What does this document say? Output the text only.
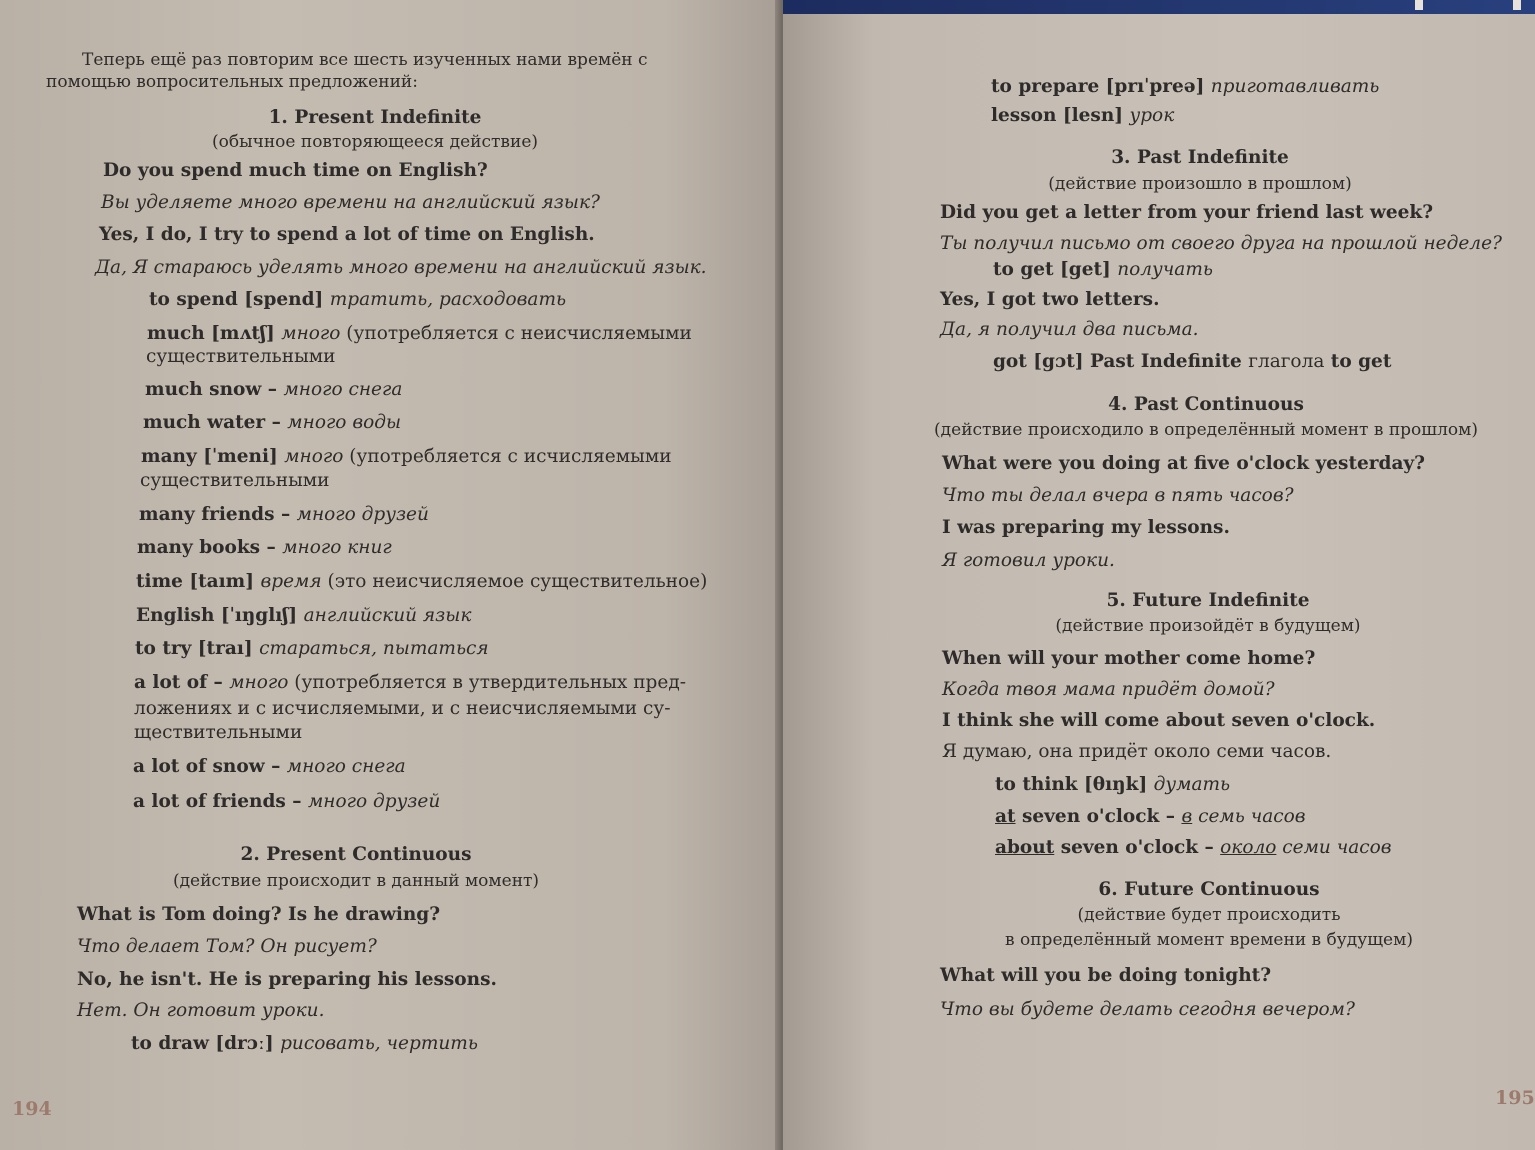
Теперь ещё раз повторим все шесть изученных нами времён с
помощью вопросительных предложений:
1. Present Indefinite
(обычное повторяющееся действие)
Do you spend much time on English?
Вы уделяете много времени на английский язык?
Yes, I do, I try to spend a lot of time on English.
Да, Я стараюсь уделять много времени на английский язык.
to spend [spend] тратить, расходовать
much [mʌtʃ] много (употребляется с неисчисляемыми
существительными
much snow – много снега
much water – много воды
many [ˈmeni] много (употребляется с исчисляемыми
существительными
many friends – много друзей
many books – много книг
time [taım] время (это неисчисляемое существительное)
English [ˈıŋglıʃ] английский язык
to try [traı] стараться, пытаться
a lot of – много (употребляется в утвердительных пред-
ложениях и с исчисляемыми, и с неисчисляемыми су-
ществительными
a lot of snow – много снега
a lot of friends – много друзей
2. Present Continuous
(действие происходит в данный момент)
What is Tom doing? Is he drawing?
Что делает Том? Он рисует?
No, he isn't. He is preparing his lessons.
Нет. Он готовит уроки.
to draw [drɔː] рисовать, чертить
194
to prepare [prıˈpreə] приготавливать
lesson [lesn] урок
3. Past Indefinite
(действие произошло в прошлом)
Did you get a letter from your friend last week?
Ты получил письмо от своего друга на прошлой неделе?
to get [get] получать
Yes, I got two letters.
Да, я получил два письма.
got [gɔt] Past Indefinite глагола to get
4. Past Continuous
(действие происходило в определённый момент в прошлом)
What were you doing at five o'clock yesterday?
Что ты делал вчера в пять часов?
I was preparing my lessons.
Я готовил уроки.
5. Future Indefinite
(действие произойдёт в будущем)
When will your mother come home?
Когда твоя мама придёт домой?
I think she will come about seven o'clock.
Я думаю, она придёт около семи часов.
to think [θıŋk] думать
at seven o'clock – в семь часов
about seven o'clock – около семи часов
6. Future Continuous
(действие будет происходить
в определённый момент времени в будущем)
What will you be doing tonight?
Что вы будете делать сегодня вечером?
195
